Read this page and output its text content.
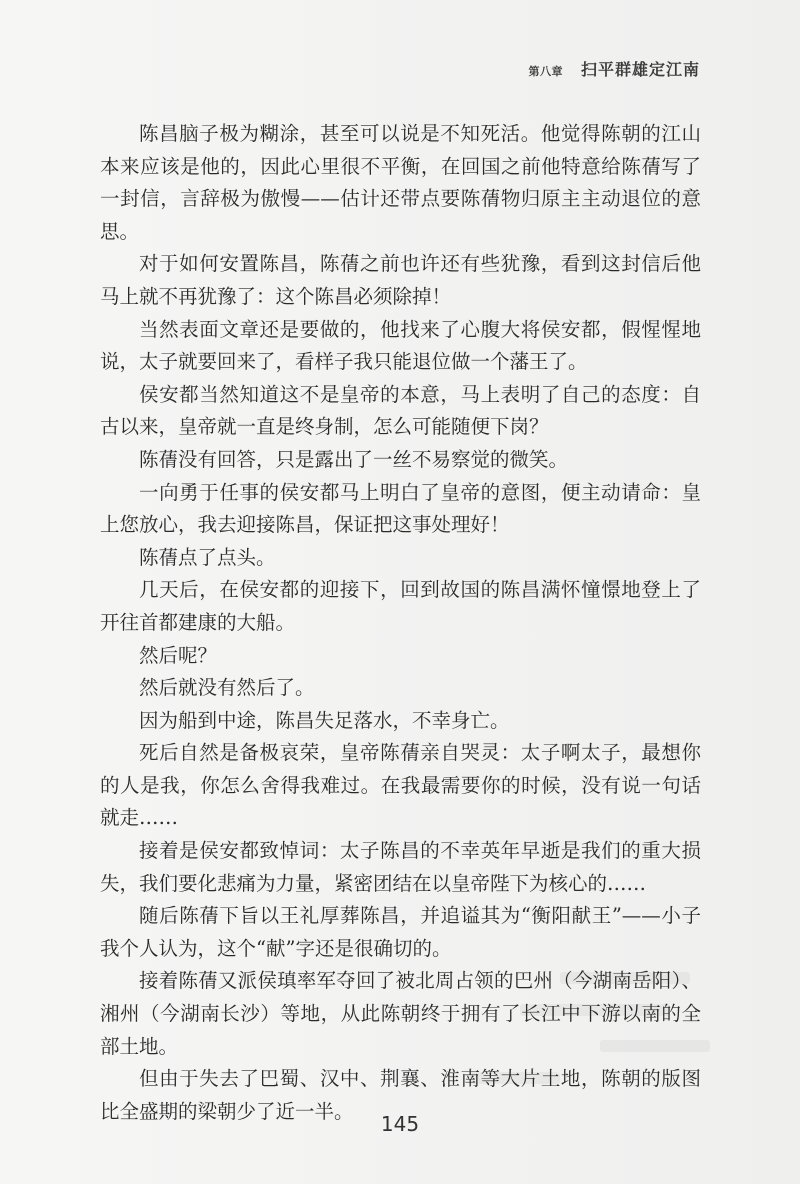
第八章 扫平群雄定江南

陈昌脑子极为糊涂，甚至可以说是不知死活。他觉得陈朝的江山本来应该是他的，因此心里很不平衡，在回国之前他特意给陈蒨写了一封信，言辞极为傲慢——估计还带点要陈蒨物归原主主动退位的意思。

对于如何安置陈昌，陈蒨之前也许还有些犹豫，看到这封信后他马上就不再犹豫了：这个陈昌必须除掉！

当然表面文章还是要做的，他找来了心腹大将侯安都，假惺惺地说，太子就要回来了，看样子我只能退位做一个藩王了。

侯安都当然知道这不是皇帝的本意，马上表明了自己的态度：自古以来，皇帝就一直是终身制，怎么可能随便下岗？

陈蒨没有回答，只是露出了一丝不易察觉的微笑。

一向勇于任事的侯安都马上明白了皇帝的意图，便主动请命：皇上您放心，我去迎接陈昌，保证把这事处理好！

陈蒨点了点头。

几天后，在侯安都的迎接下，回到故国的陈昌满怀憧憬地登上了开往首都建康的大船。

然后呢？

然后就没有然后了。

因为船到中途，陈昌失足落水，不幸身亡。

死后自然是备极哀荣，皇帝陈蒨亲自哭灵：太子啊太子，最想你的人是我，你怎么舍得我难过。在我最需要你的时候，没有说一句话就走……

接着是侯安都致悼词：太子陈昌的不幸英年早逝是我们的重大损失，我们要化悲痛为力量，紧密团结在以皇帝陛下为核心的……

随后陈蒨下旨以王礼厚葬陈昌，并追谥其为“衡阳献王”——小子我个人认为，这个“献”字还是很确切的。

接着陈蒨又派侯瑱率军夺回了被北周占领的巴州（今湖南岳阳）、湘州（今湖南长沙）等地，从此陈朝终于拥有了长江中下游以南的全部土地。

但由于失去了巴蜀、汉中、荆襄、淮南等大片土地，陈朝的版图比全盛期的梁朝少了近一半。

145
